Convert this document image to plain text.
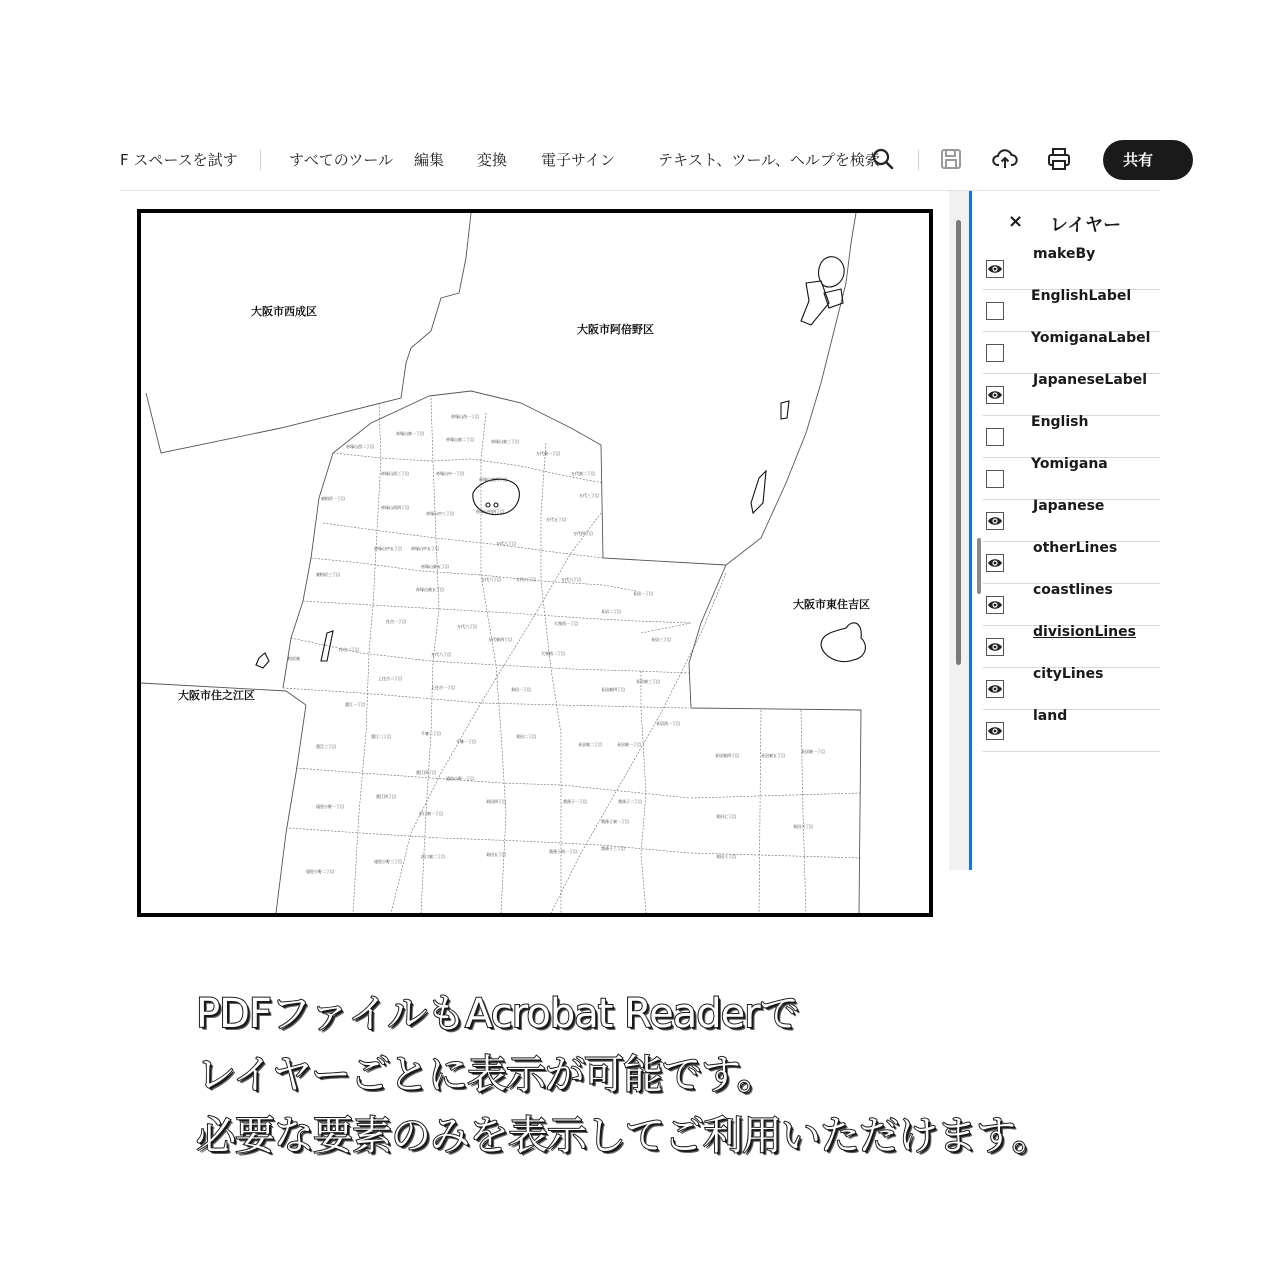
F スペースを試す	すべてのツール 編集 変換 電子サイン	テキスト、ツール、ヘルプを検索	共有
帝塚山西一丁目
帝塚山西二丁目
帝塚山東一丁目
帝塚山東二丁目	帝塚山東三丁目
万代東一丁目
帝塚山西三丁目	帝塚山中一丁目
帝塚山東四丁目
万代東二丁目
東粉浜一丁目
帝塚山西四丁目
帝塚山中三丁目	帝塚山中四丁目
万代五丁目
万代三丁目
万代四丁目
帝塚山中五丁目 帝塚山中五丁目
万代六丁目
東粉浜三丁目
帝塚山東五丁目
万代六丁目	万代六丁目	万代六丁目
長居一丁目
帝塚山東五丁目
住吉一丁目
万代六丁目
万代東四丁目
大領西一丁目
長居二丁目
住吉二丁目
万代六丁目	大領西二丁目
長居三丁目
粉浜東
上住吉二丁目
上住吉一丁目	苅田一丁目	長居東四丁目
長居東三丁目
墨江一丁目
墨江二丁目
千躰二丁目
千躰一丁目
苅田二丁目
長居東二丁目	長居東一丁目
長居西一丁目
長居東四丁目	長居東五丁目
長居東一丁目
墨江三丁目
墨江四丁目
遠里小野一丁目
墨江四丁目
遠里小野一丁目
浜口東一丁目
苅田四丁目	我孫子一丁目	我孫子二丁目
苅田七丁目
苅田六丁目
我孫子東一丁目
我孫子三丁目
浜口東二丁目	苅田五丁目
我孫子西一丁目
苅田八丁目
遠里小野二丁目
遠里小野三丁目
大阪市西成区
大阪市阿倍野区
大阪市東住吉区
大阪市住之江区
× レイヤー
makeBy
EnglishLabel
YomiganaLabel
JapaneseLabel
English
Yomigana
Japanese
otherLines
coastlines
divisionLines
cityLines
land
PDFファイルもAcrobat Readerで
レイヤーごとに表示が可能です。
必要な要素のみを表示してご利用いただけます。
